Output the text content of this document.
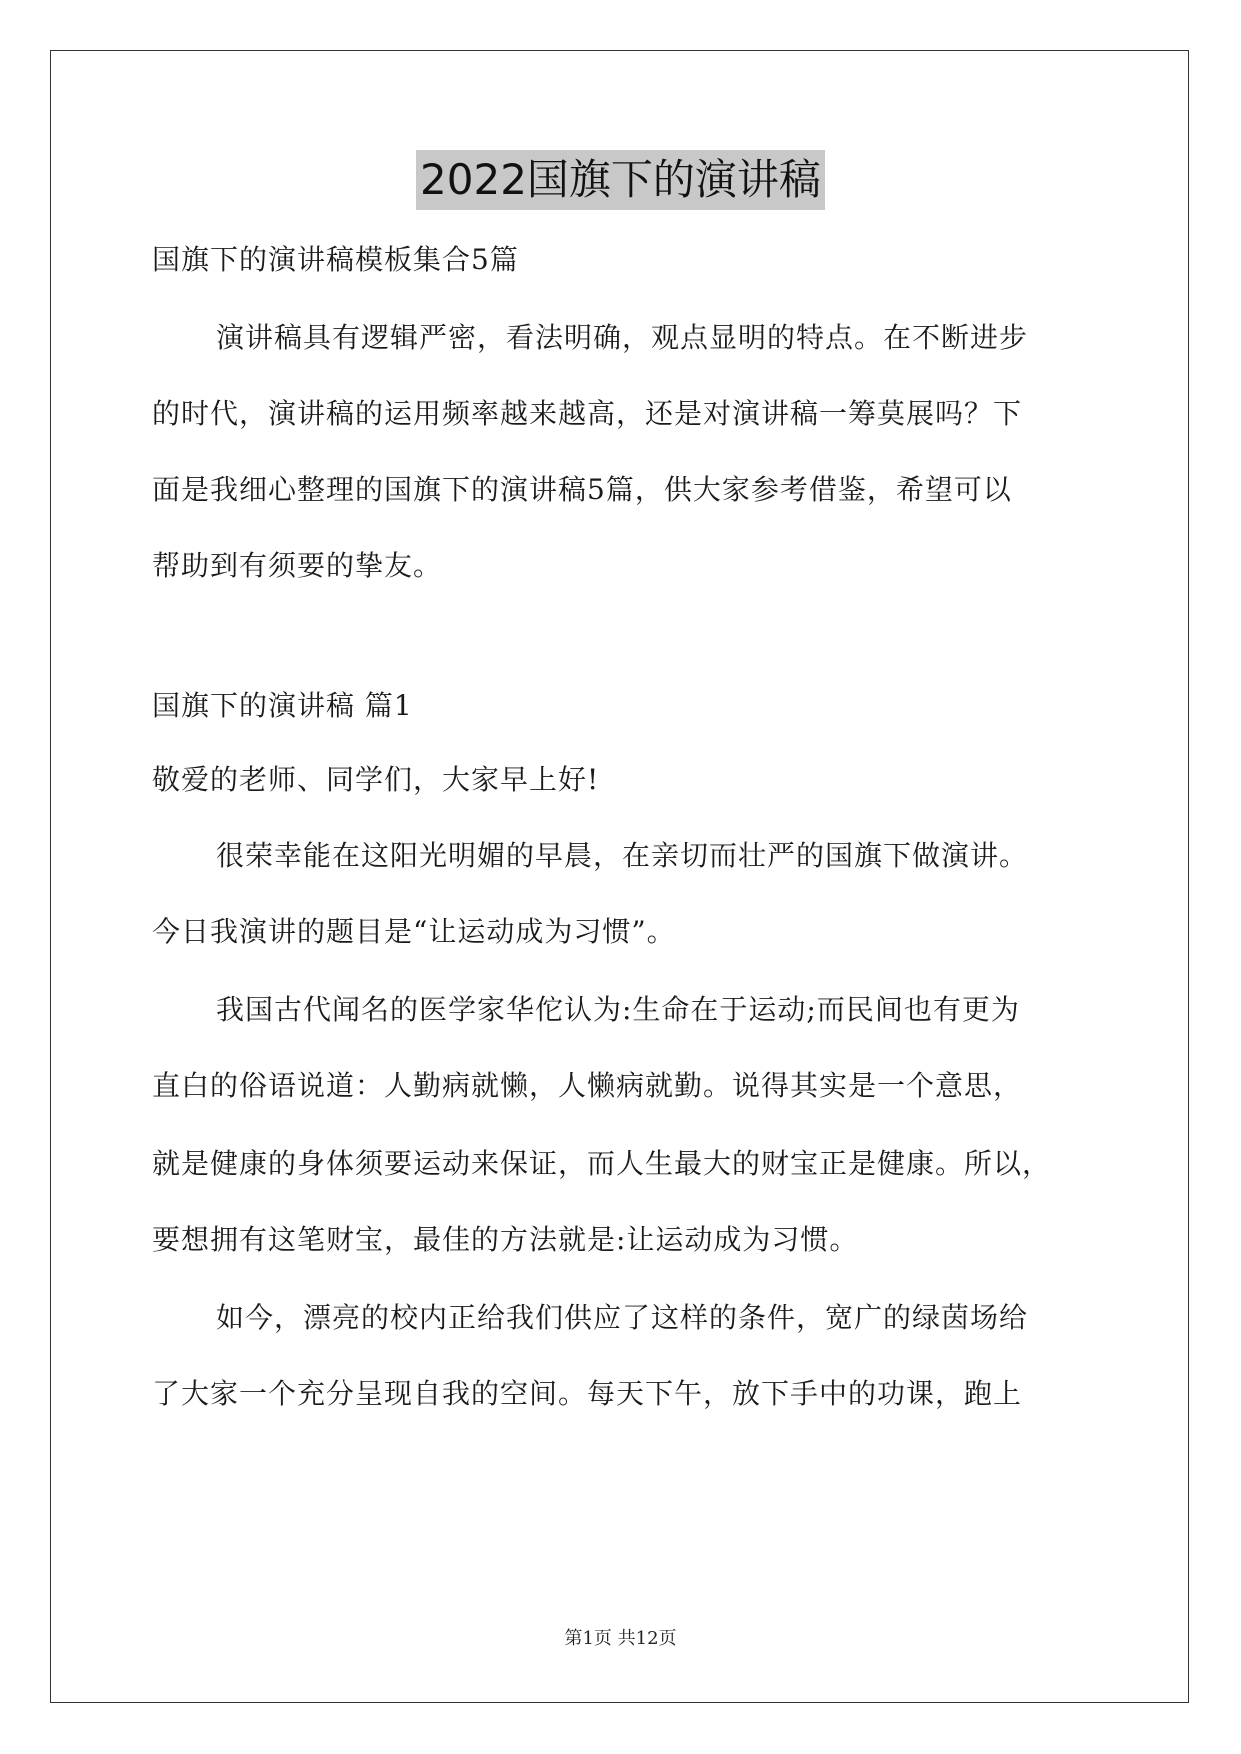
2022国旗下的演讲稿
国旗下的演讲稿模板集合5篇
演讲稿具有逻辑严密，看法明确，观点显明的特点。在不断进步
的时代，演讲稿的运用频率越来越高，还是对演讲稿一筹莫展吗？下
面是我细心整理的国旗下的演讲稿5篇，供大家参考借鉴，希望可以
帮助到有须要的挚友。
国旗下的演讲稿 篇1
敬爱的老师、同学们，大家早上好!
很荣幸能在这阳光明媚的早晨，在亲切而壮严的国旗下做演讲。
今日我演讲的题目是“让运动成为习惯”。
我国古代闻名的医学家华佗认为:生命在于运动;而民间也有更为
直白的俗语说道：人勤病就懒，人懒病就勤。说得其实是一个意思，
就是健康的身体须要运动来保证，而人生最大的财宝正是健康。所以，
要想拥有这笔财宝，最佳的方法就是:让运动成为习惯。
如今，漂亮的校内正给我们供应了这样的条件，宽广的绿茵场给
了大家一个充分呈现自我的空间。每天下午，放下手中的功课，跑上
第1页 共12页
